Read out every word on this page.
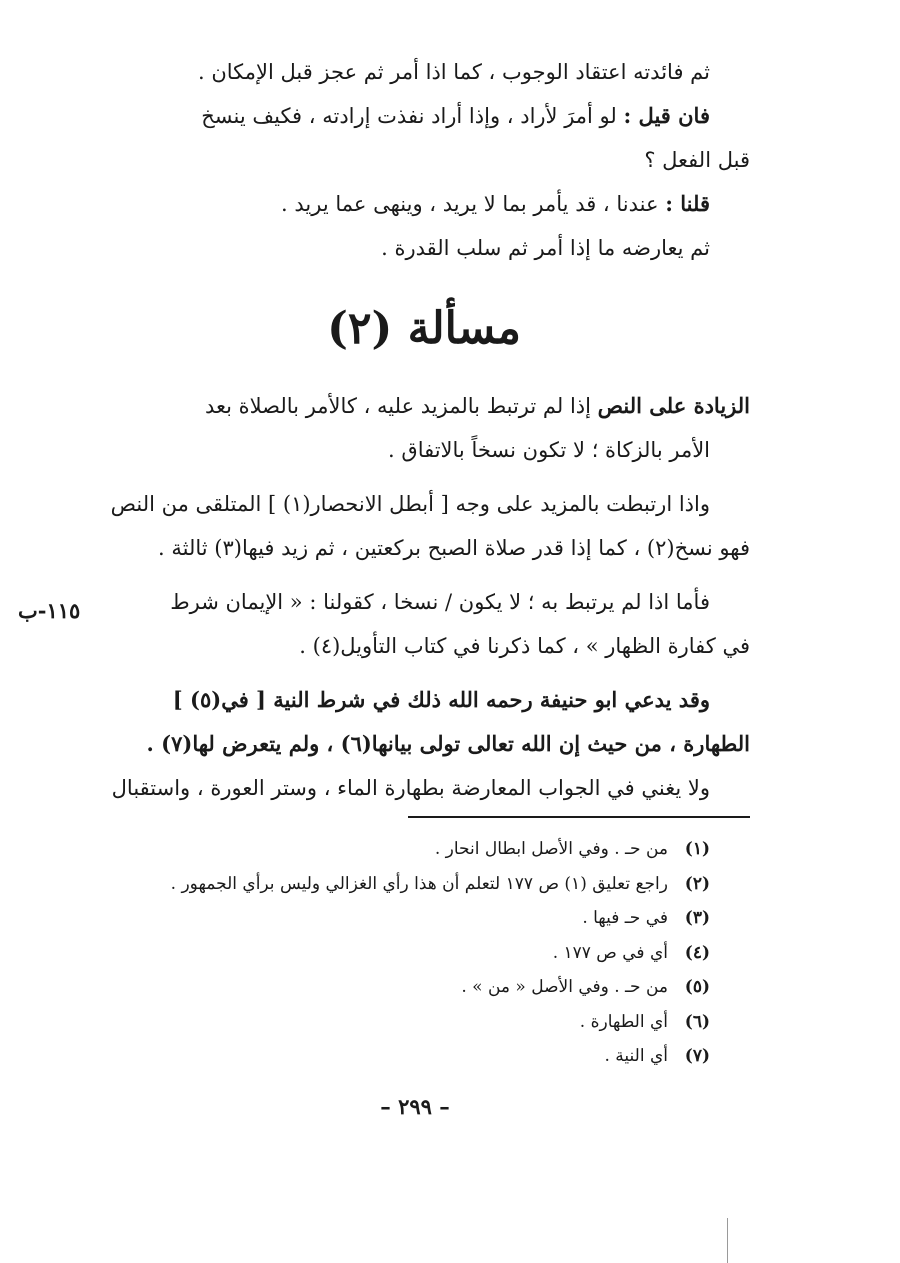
ثم فائدته اعتقاد الوجوب ، كما اذا أمر ثم عجز قبل الإمكان .
فان قيل : لو أمرَ لأراد ، وإذا أراد نفذت إرادته ، فكيف ينسخ
قبل الفعل ؟
قلنا : عندنا ، قد يأمر بما لا يريد ، وينهى عما يريد .
ثم يعارضه ما إذا أمر ثم سلب القدرة .
مسألة (٢)
الزيادة على النص إذا لم ترتبط بالمزيد عليه ، كالأمر بالصلاة بعد
الأمر بالزكاة ؛ لا تكون نسخاً بالاتفاق .
واذا ارتبطت بالمزيد على وجه [ أبطل الانحصار(١) ] المتلقى من النص
فهو نسخ(٢) ، كما إذا قدر صلاة الصبح بركعتين ، ثم زيد فيها(٣) ثالثة .
فأما اذا لم يرتبط به ؛ لا يكون / نسخا ، كقولنا : « الإيمان شرط
في كفارة الظهار » ، كما ذكرنا في كتاب التأويل(٤) .
وقد يدعي ابو حنيفة رحمه الله ذلك في شرط النية [ في(٥) ]
الطهارة ، من حيث إن الله تعالى تولى بيانها(٦) ، ولم يتعرض لها(٧) .
ولا يغني في الجواب المعارضة بطهارة الماء ، وستر العورة ، واستقبال
١١٥-ب
(١)من حـ . وفي الأصل ابطال انحار .
(٢)راجع تعليق (١) ص ١٧٧ لتعلم أن هذا رأي الغزالي وليس برأي الجمهور .
(٣)في حـ فيها .
(٤)أي في ص ١٧٧ .
(٥)من حـ . وفي الأصل « من » .
(٦)أي الطهارة .
(٧)أي النية .
– ٢٩٩ –
